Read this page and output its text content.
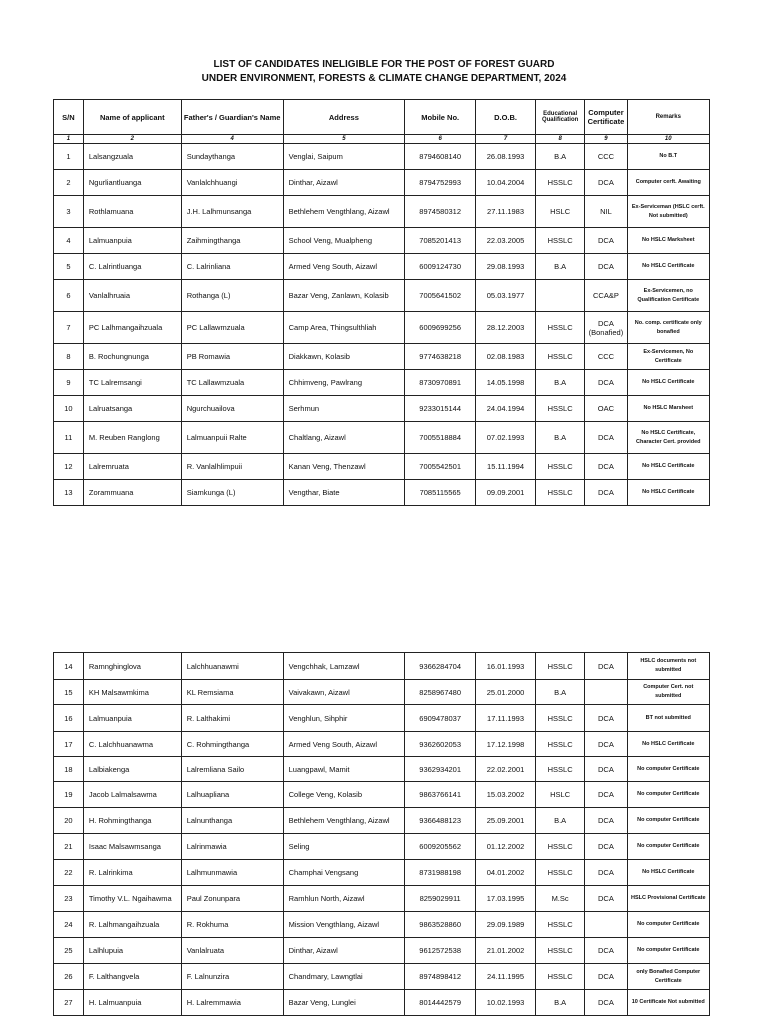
LIST OF CANDIDATES INELIGIBLE FOR THE POST OF FOREST GUARD
UNDER ENVIRONMENT, FORESTS & CLIMATE CHANGE DEPARTMENT, 2024
S/N	Name of applicant	Father's / Guardian's Name	Address	Mobile No.	D.O.B.	Educational Qualification	Computer Certificate	Remarks
1	2	4	5	6	7	8	9	10
1	Lalsangzuala	Sundaythanga	Venglai, Saipum	8794608140	26.08.1993	B.A	CCC	No B.T
2	Ngurliantluanga	Vanlalchhuangi	Dinthar, Aizawl	8794752993	10.04.2004	HSSLC	DCA	Computer cerft. Awaiting
3	Rothlamuana	J.H. Lalhmunsanga	Bethlehem Vengthlang, Aizawl	8974580312	27.11.1983	HSLC	NIL	Ex-Serviceman (HSLC cerft. Not submitted)
4	Lalmuanpuia	Zaihmingthanga	School Veng, Mualpheng	7085201413	22.03.2005	HSSLC	DCA	No HSLC Marksheet
5	C. Lalrintluanga	C. Lalrinliana	Armed Veng South, Aizawl	6009124730	29.08.1993	B.A	DCA	No HSLC Certificate
6	Vanlalhruaia	Rothanga (L)	Bazar Veng, Zanlawn, Kolasib	7005641502	05.03.1977		CCA&P	Ex-Servicemen, no Qualification Certificate
7	PC Lalhmangaihzuala	PC Lallawmzuala	Camp Area, Thingsulthliah	6009699256	28.12.2003	HSSLC	DCA (Bonafied)	No. comp. certificate only bonafied
8	B. Rochungnunga	PB Romawia	Diakkawn, Kolasib	9774638218	02.08.1983	HSSLC	CCC	Ex-Servicemen, No Certificate
9	TC Lalremsangi	TC Lallawmzuala	Chhimveng, Pawlrang	8730970891	14.05.1998	B.A	DCA	No HSLC Certificate
10	Lalruatsanga	Ngurchuailova	Serhmun	9233015144	24.04.1994	HSSLC	OAC	No HSLC Marsheet
11	M. Reuben Ranglong	Lalmuanpuii Ralte	Chaltlang, Aizawl	7005518884	07.02.1993	B.A	DCA	No HSLC Certificate, Character Cert. provided
12	Lalremruata	R. Vanlalhlimpuii	Kanan Veng, Thenzawl	7005542501	15.11.1994	HSSLC	DCA	No HSLC Certificate
13	Zorammuana	Siamkunga (L)	Vengthar, Biate	7085115565	09.09.2001	HSSLC	DCA	No HSLC Certificate
14	Ramnghinglova	Lalchhuanawmi	Vengchhak, Lamzawl	9366284704	16.01.1993	HSSLC	DCA	HSLC documents not submitted
15	KH Malsawmkima	KL Remsiama	Vaivakawn, Aizawl	8258967480	25.01.2000	B.A		Computer Cert. not submitted
16	Lalmuanpuia	R. Lalthakimi	Venghlun, Sihphir	6909478037	17.11.1993	HSSLC	DCA	BT not submitted
17	C. Lalchhuanawma	C. Rohmingthanga	Armed Veng South, Aizawl	9362602053	17.12.1998	HSSLC	DCA	No HSLC Certificate
18	Lalbiakenga	Lalremliana Sailo	Luangpawl, Mamit	9362934201	22.02.2001	HSSLC	DCA	No computer Certificate
19	Jacob Lalmalsawma	Lalhuapliana	College Veng, Kolasib	9863766141	15.03.2002	HSLC	DCA	No computer Certificate
20	H. Rohmingthanga	Lalnunthanga	Bethlehem Vengthlang, Aizawl	9366488123	25.09.2001	B.A	DCA	No computer Certificate
21	Isaac Malsawmsanga	Lalrinmawia	Seling	6009205562	01.12.2002	HSSLC	DCA	No computer Certificate
22	R. Lalrinkima	Lalhmunmawia	Champhai Vengsang	8731988198	04.01.2002	HSSLC	DCA	No HSLC Certificate
23	Timothy V.L. Ngaihawma	Paul Zonunpara	Ramhlun North, Aizawl	8259029911	17.03.1995	M.Sc	DCA	HSLC Provisional Certificate
24	R. Lalhmangaihzuala	R. Rokhuma	Mission Vengthlang, Aizawl	9863528860	29.09.1989	HSSLC		No computer Certificate
25	Lalhlupuia	Vanlalruata	Dinthar, Aizawl	9612572538	21.01.2002	HSSLC	DCA	No computer Certificate
26	F. Lalthangvela	F. Lalnunzira	Chandmary, Lawngtlai	8974898412	24.11.1995	HSSLC	DCA	only Bonafied Computer Certificate
27	H. Lalmuanpuia	H. Lalremmawia	Bazar Veng, Lunglei	8014442579	10.02.1993	B.A	DCA	10 Certificate Not submitted
